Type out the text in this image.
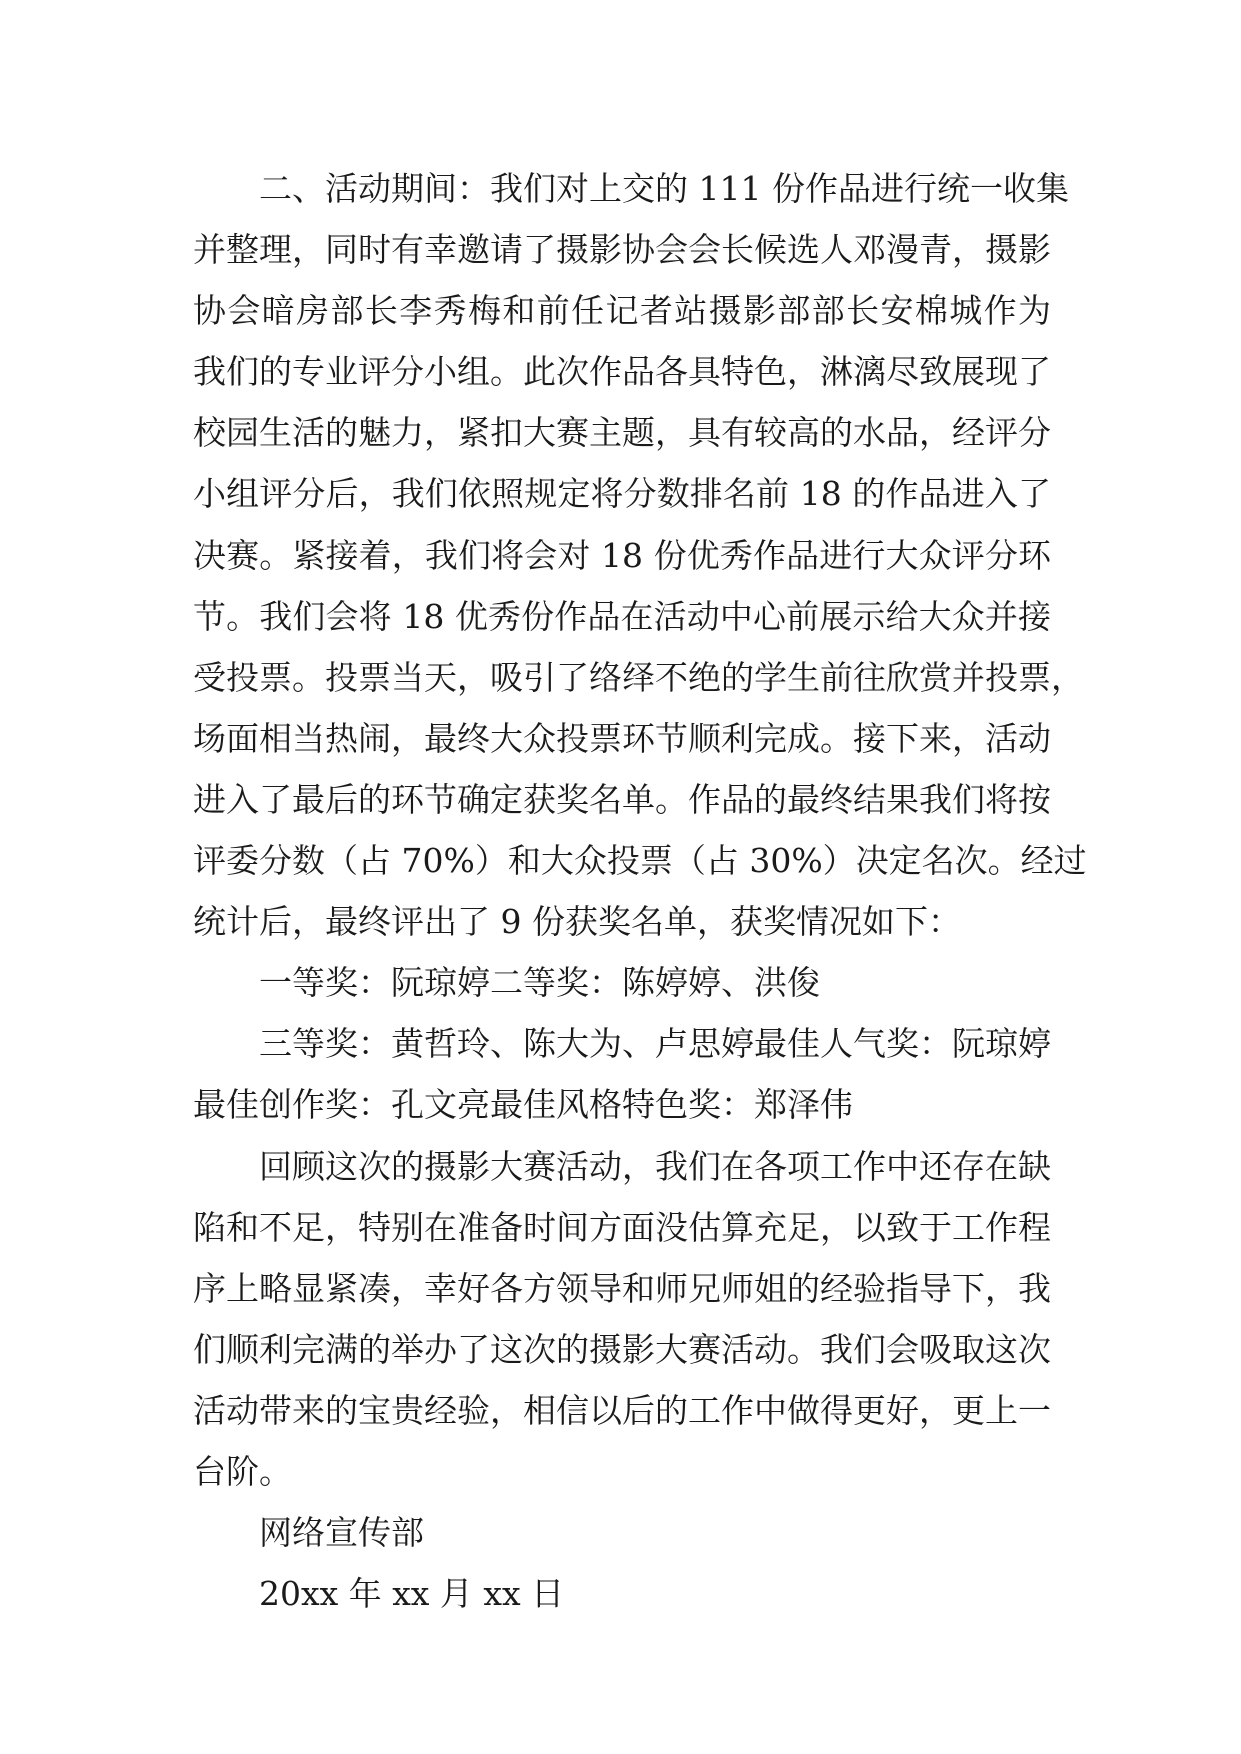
二、活动期间：我们对上交的 111 份作品进行统一收集
并整理，同时有幸邀请了摄影协会会长候选人邓漫青，摄影
协会暗房部长李秀梅和前任记者站摄影部部长安棉城作为
我们的专业评分小组。此次作品各具特色，淋漓尽致展现了
校园生活的魅力，紧扣大赛主题，具有较高的水品，经评分
小组评分后，我们依照规定将分数排名前 18 的作品进入了
决赛。紧接着，我们将会对 18 份优秀作品进行大众评分环
节。我们会将 18 优秀份作品在活动中心前展示给大众并接
受投票。投票当天，吸引了络绎不绝的学生前往欣赏并投票，
场面相当热闹，最终大众投票环节顺利完成。接下来，活动
进入了最后的环节确定获奖名单。作品的最终结果我们将按
评委分数（占 70%）和大众投票（占 30%）决定名次。经过
统计后，最终评出了 9 份获奖名单，获奖情况如下：
一等奖：阮琼婷二等奖：陈婷婷、洪俊
三等奖：黄哲玲、陈大为、卢思婷最佳人气奖：阮琼婷
最佳创作奖：孔文亮最佳风格特色奖：郑泽伟
回顾这次的摄影大赛活动，我们在各项工作中还存在缺
陷和不足，特别在准备时间方面没估算充足，以致于工作程
序上略显紧凑，幸好各方领导和师兄师姐的经验指导下，我
们顺利完满的举办了这次的摄影大赛活动。我们会吸取这次
活动带来的宝贵经验，相信以后的工作中做得更好，更上一
台阶。
网络宣传部
20xx 年 xx 月 xx 日
